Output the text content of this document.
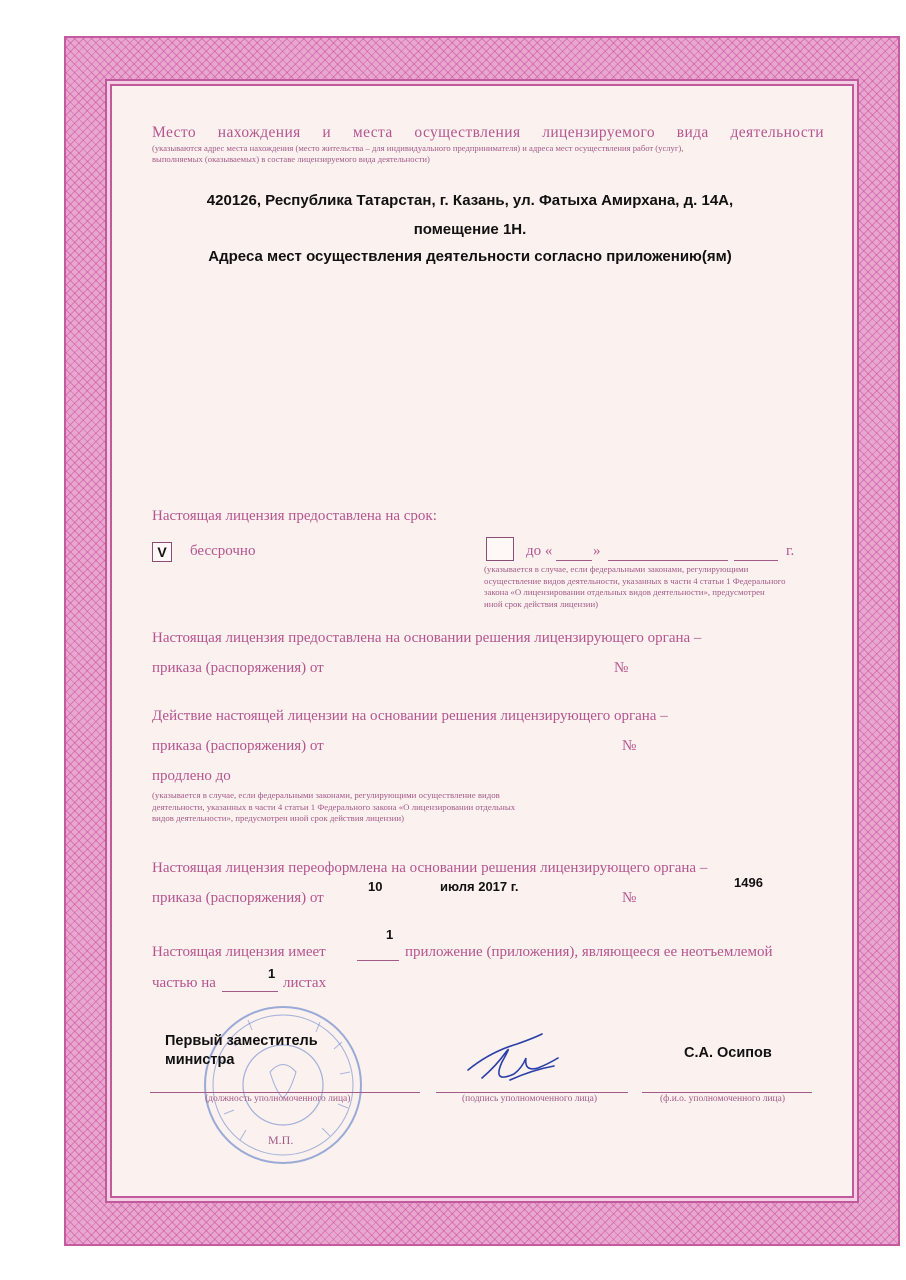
Место нахождения и места осуществления лицензируемого вида деятельности
(указываются адрес места нахождения (место жительства – для индивидуального предпринимателя) и адреса мест осуществления работ (услуг),
выполняемых (оказываемых) в составе лицензируемого вида деятельности)
420126, Республика Татарстан, г. Казань, ул. Фатыха Амирхана, д. 14А,
помещение 1Н.
Адреса мест осуществления деятельности согласно приложению(ям)
Настоящая лицензия предоставлена на срок:
V	бессрочно	до «	»	г.
(указывается в случае, если федеральными законами, регулирующими
осуществление видов деятельности, указанных в части 4 статьи 1 Федерального
закона «О лицензировании отдельных видов деятельности», предусмотрен
иной срок действия лицензии)
Настоящая лицензия предоставлена на основании решения лицензирующего органа –
приказа (распоряжения) от	№
Действие настоящей лицензии на основании решения лицензирующего органа –
приказа (распоряжения) от	№
продлено до
(указывается в случае, если федеральными законами, регулирующими осуществление видов
деятельности, указанных в части 4 статьи 1 Федерального закона «О лицензировании отдельных
видов деятельности», предусмотрен иной срок действия лицензии)
Настоящая лицензия переоформлена на основании решения лицензирующего органа –
приказа (распоряжения) от
10	июля 2017 г.
№
1496
Настоящая лицензия имеет
1
приложение (приложения), являющееся ее неотъемлемой
частью на
1
листах
М.П.
Первый заместитель
министра
(должность уполномоченного лица)	(подпись уполномоченного лица)
С.А. Осипов
(ф.и.о. уполномоченного лица)
